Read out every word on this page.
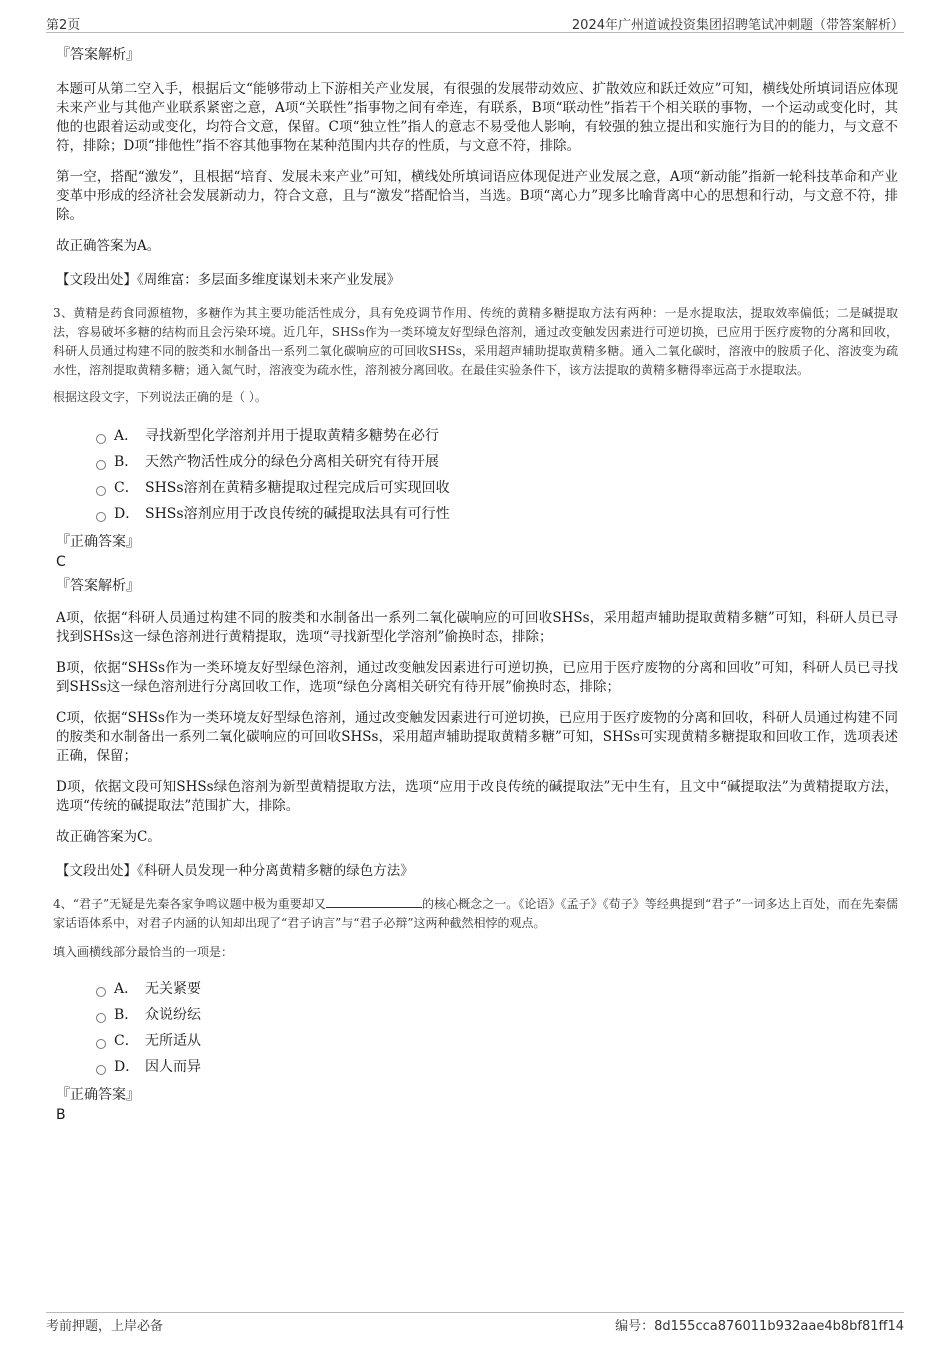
第2页	2024年广州道诚投资集团招聘笔试冲刺题（带答案解析）

『答案解析』

本题可从第二空入手，根据后文“能够带动上下游相关产业发展，有很强的发展带动效应、扩散效应和跃迁效应”可知，横线处所填词语应体现未来产业与其他产业联系紧密之意，A项“关联性”指事物之间有牵连，有联系，B项“联动性”指若干个相关联的事物，一个运动或变化时，其他的也跟着运动或变化，均符合文意，保留。C项“独立性”指人的意志不易受他人影响，有较强的独立提出和实施行为目的的能力，与文意不符，排除；D项“排他性”指不容其他事物在某种范围内共存的性质，与文意不符，排除。

第一空，搭配“激发”，且根据“培育、发展未来产业”可知，横线处所填词语应体现促进产业发展之意，A项“新动能”指新一轮科技革命和产业变革中形成的经济社会发展新动力，符合文意，且与“激发”搭配恰当，当选。B项“离心力”现多比喻背离中心的思想和行动，与文意不符，排除。

故正确答案为A。

【文段出处】《周维富：多层面多维度谋划未来产业发展》

3、黄精是药食同源植物，多糖作为其主要功能活性成分，具有免疫调节作用、传统的黄精多糖提取方法有两种：一是水提取法，提取效率偏低；二是碱提取法，容易破坏多糖的结构而且会污染环境。近几年，SHSs作为一类环境友好型绿色溶剂，通过改变触发因素进行可逆切换，已应用于医疗废物的分离和回收，科研人员通过构建不同的胺类和水制备出一系列二氧化碳响应的可回收SHSs，采用超声辅助提取黄精多糖。通入二氧化碳时，溶液中的胺质子化、溶波变为疏水性，溶剂提取黄精多糖；通入氮气时，溶液变为疏水性，溶剂被分离回收。在最佳实验条件下，该方法提取的黄精多糖得率远高于水提取法。

根据这段文字，下列说法正确的是（ ）。

A． 寻找新型化学溶剂并用于提取黄精多糖势在必行
B． 天然产物活性成分的绿色分离相关研究有待开展
C． SHSs溶剂在黄精多糖提取过程完成后可实现回收
D． SHSs溶剂应用于改良传统的碱提取法具有可行性

『正确答案』

C

『答案解析』

A项，依据“科研人员通过构建不同的胺类和水制备出一系列二氧化碳响应的可回收SHSs，采用超声辅助提取黄精多糖”可知，科研人员已寻找到SHSs这一绿色溶剂进行黄精提取，选项“寻找新型化学溶剂”偷换时态，排除；

B项，依据“SHSs作为一类环境友好型绿色溶剂，通过改变触发因素进行可逆切换，已应用于医疗废物的分离和回收”可知，科研人员已寻找到SHSs这一绿色溶剂进行分离回收工作，选项“绿色分离相关研究有待开展”偷换时态，排除；

C项，依据“SHSs作为一类环境友好型绿色溶剂，通过改变触发因素进行可逆切换，已应用于医疗废物的分离和回收，科研人员通过构建不同的胺类和水制备出一系列二氧化碳响应的可回收SHSs，采用超声辅助提取黄精多糖”可知，SHSs可实现黄精多糖提取和回收工作，选项表述正确，保留；

D项，依据文段可知SHSs绿色溶剂为新型黄精提取方法，选项“应用于改良传统的碱提取法”无中生有，且文中“碱提取法”为黄精提取方法，选项“传统的碱提取法”范围扩大，排除。

故正确答案为C。

【文段出处】《科研人员发现一种分离黄精多糖的绿色方法》

4、“君子”无疑是先秦各家争鸣议题中极为重要却又	的核心概念之一。《论语》《孟子》《荀子》等经典提到“君子”一词多达上百处，而在先秦儒家话语体系中，对君子内涵的认知却出现了“君子讷言”与“君子必辩”这两种截然相悖的观点。

填入画横线部分最恰当的一项是：

A． 无关紧要
B． 众说纷纭
C． 无所适从
D． 因人而异

『正确答案』

B

考前押题，上岸必备	编号：8d155cca876011b932aae4b8bf81ff14
